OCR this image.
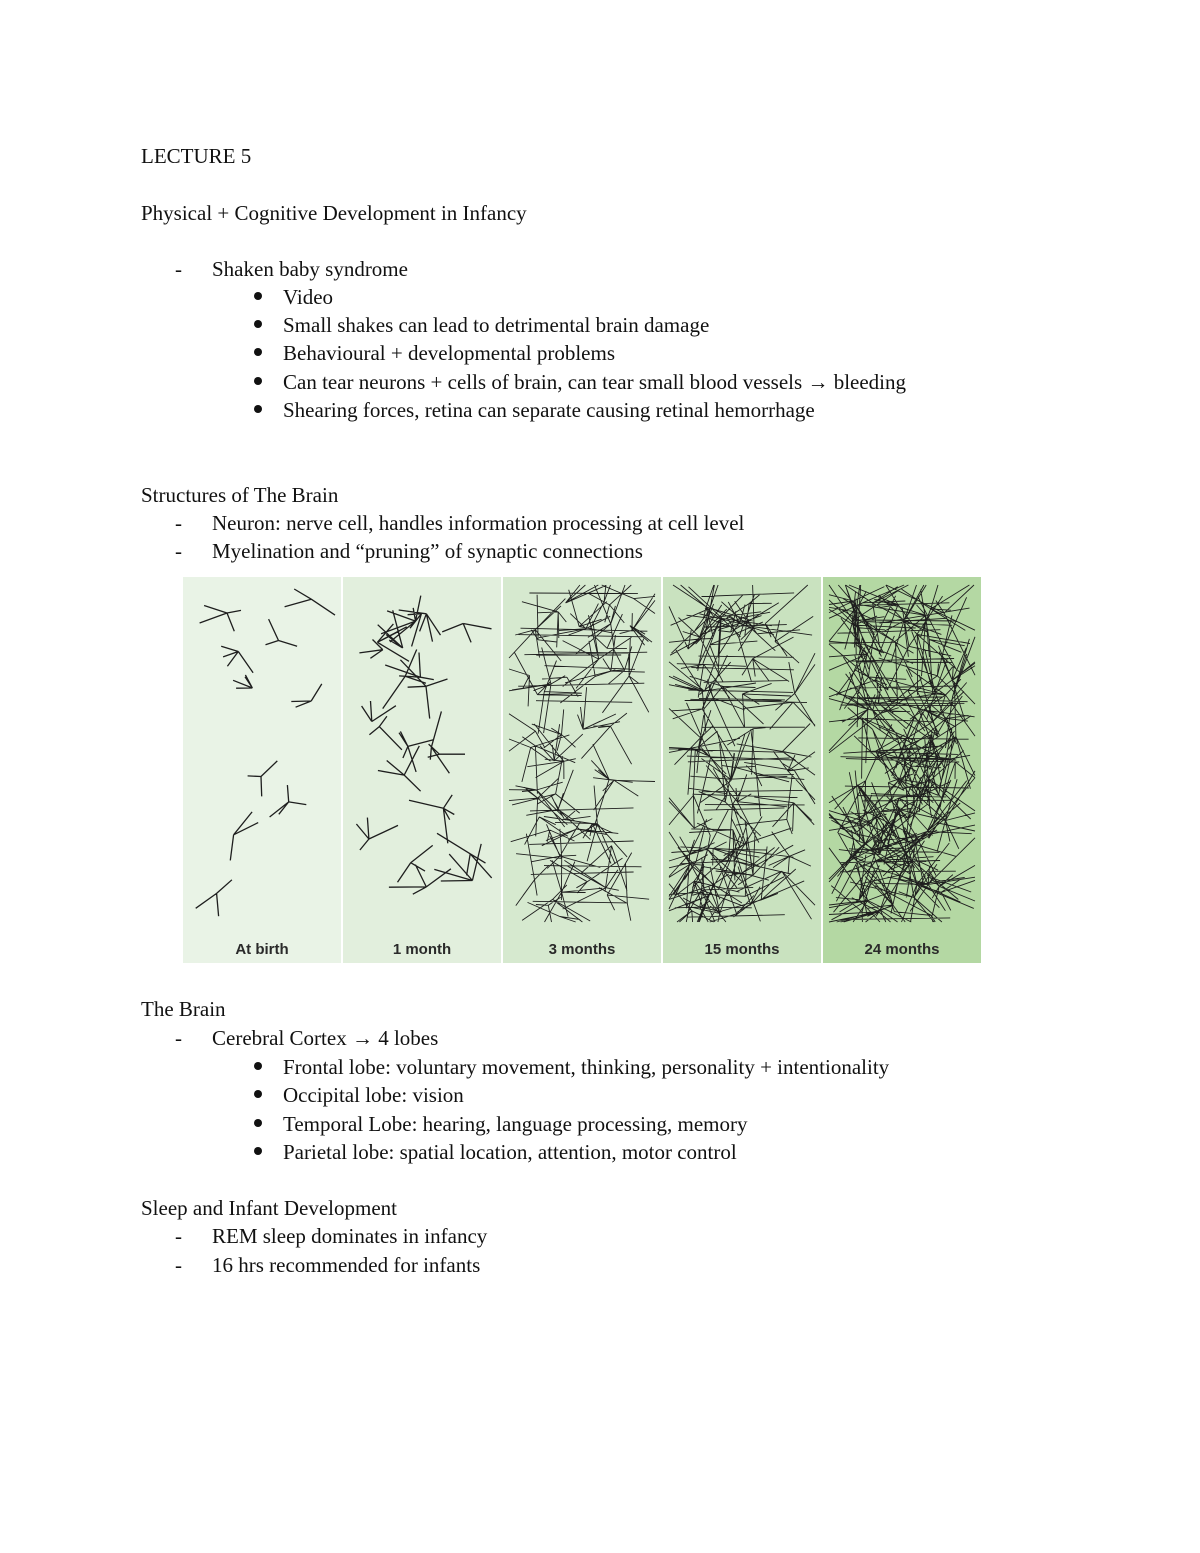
LECTURE 5
Physical + Cognitive Development in Infancy
- Shaken baby syndrome
Video
Small shakes can lead to detrimental brain damage
Behavioural + developmental problems
Can tear neurons + cells of brain, can tear small blood vessels → bleeding
Shearing forces, retina can separate causing retinal hemorrhage
Structures of The Brain
- Neuron: nerve cell, handles information processing at cell level
- Myelination and “pruning” of synaptic connections
At birth	1 month	3 months	15 months	24 months
The Brain
- Cerebral Cortex → 4 lobes
Frontal lobe: voluntary movement, thinking, personality + intentionality
Occipital lobe: vision
Temporal Lobe: hearing, language processing, memory
Parietal lobe: spatial location, attention, motor control
Sleep and Infant Development
- REM sleep dominates in infancy
- 16 hrs recommended for infants
